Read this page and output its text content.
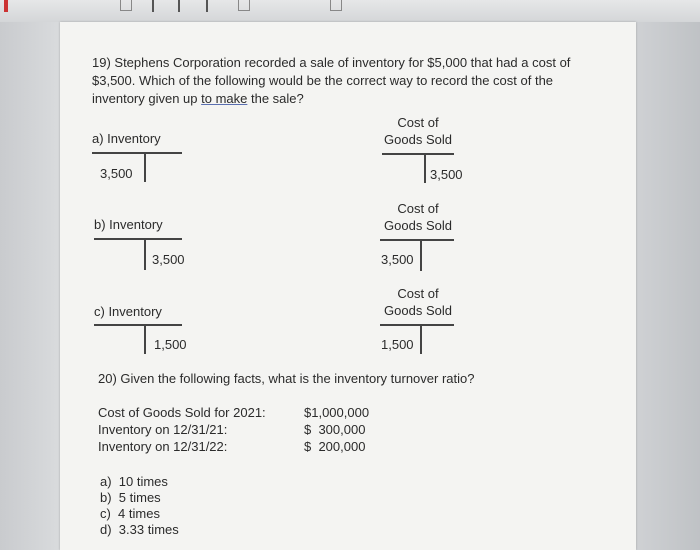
19) Stephens Corporation recorded a sale of inventory for $5,000 that had a cost of $3,500. Which of the following would be the correct way to record the cost of the inventory given up to make the sale?
a) Inventory
3,500
Cost of
Goods Sold
3,500
b) Inventory
3,500
Cost of
Goods Sold
3,500
c) Inventory
1,500
Cost of
Goods Sold
1,500
20) Given the following facts, what is the inventory turnover ratio?
Cost of Goods Sold for 2021:
Inventory on 12/31/21:
Inventory on 12/31/22:
$1,000,000
$  300,000
$  200,000
a)  10 times
b)  5 times
c)  4 times
d)  3.33 times
